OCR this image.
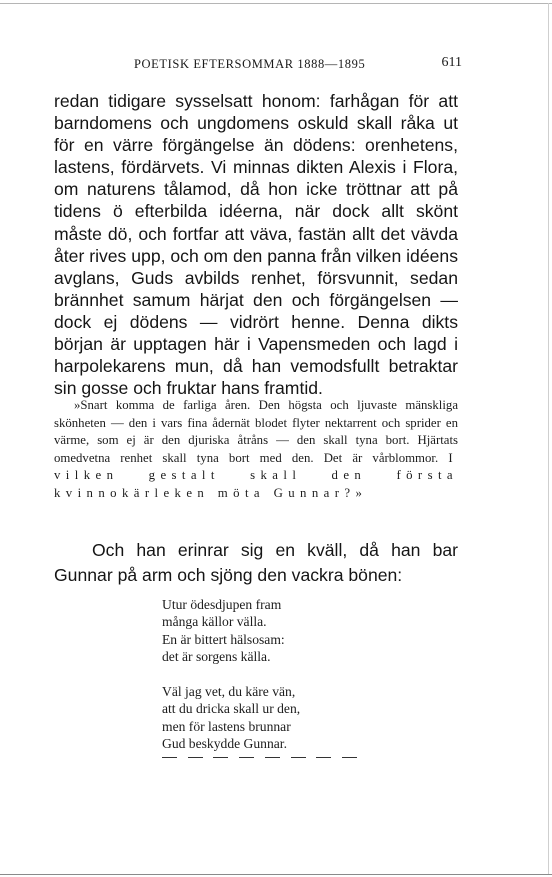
POETISK EFTERSOMMAR 1888—1895	611
redan tidigare sysselsatt honom: farhågan för att barndomens och ungdomens oskuld skall råka ut för en värre förgängelse än dödens: orenhetens, lastens, fördärvets. Vi minnas dikten Alexis i Flora, om naturens tålamod, då hon icke tröttnar att på tidens ö efterbilda idéerna, när dock allt skönt måste dö, och fortfar att väva, fastän allt det vävda åter rives upp, och om den panna från vilken idéens avglans, Guds avbilds renhet, försvunnit, sedan brännhet samum härjat den och förgängelsen — dock ej dödens — vidrört henne. Denna dikts början är upptagen här i Vapensmeden och lagd i harpolekarens mun, då han vemodsfullt betraktar sin gosse och fruktar hans framtid.
»Snart komma de farliga åren. Den högsta och ljuvaste mänskliga skönheten — den i vars fina ådernät blodet flyter nektarrent och sprider en värme, som ej är den djuriska åtråns — den skall tyna bort. Hjärtats omedvetna renhet skall tyna bort med den. Det är vårblommor. I vilken gestalt skall den första kvinnokärleken möta Gunnar?»
Och han erinrar sig en kväll, då han bar Gunnar på arm och sjöng den vackra bönen:
Utur ödesdjupen fram
många källor välla.
En är bittert hälsosam:
det är sorgens källa.
Väl jag vet, du käre vän,
att du dricka skall ur den,
men för lastens brunnar
Gud beskydde Gunnar.
